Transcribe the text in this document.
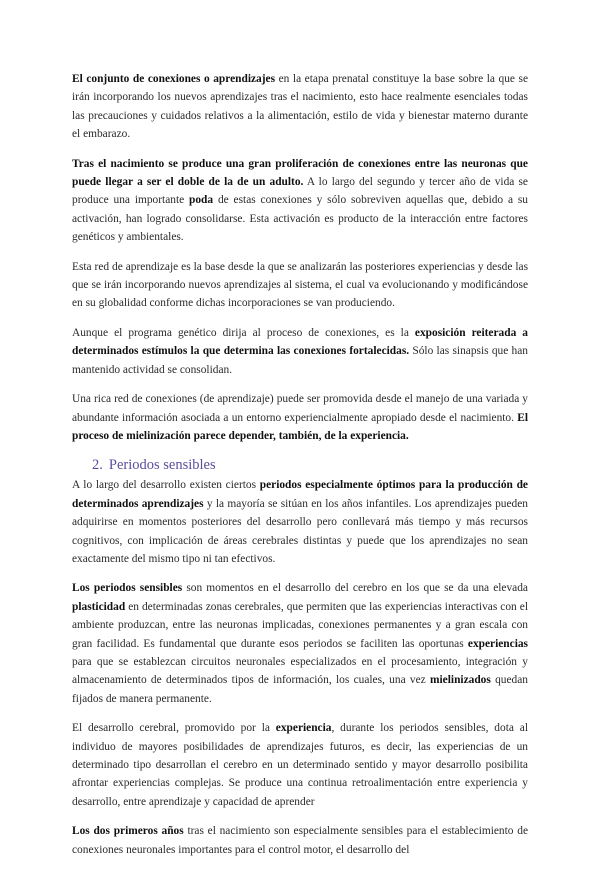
El conjunto de conexiones o aprendizajes en la etapa prenatal constituye la base sobre la que se irán incorporando los nuevos aprendizajes tras el nacimiento, esto hace realmente esenciales todas las precauciones y cuidados relativos a la alimentación, estilo de vida y bienestar materno durante el embarazo.

Tras el nacimiento se produce una gran proliferación de conexiones entre las neuronas que puede llegar a ser el doble de la de un adulto. A lo largo del segundo y tercer año de vida se produce una importante poda de estas conexiones y sólo sobreviven aquellas que, debido a su activación, han logrado consolidarse. Esta activación es producto de la interacción entre factores genéticos y ambientales.

Esta red de aprendizaje es la base desde la que se analizarán las posteriores experiencias y desde las que se irán incorporando nuevos aprendizajes al sistema, el cual va evolucionando y modificándose en su globalidad conforme dichas incorporaciones se van produciendo.

Aunque el programa genético dirija al proceso de conexiones, es la exposición reiterada a determinados estímulos la que determina las conexiones fortalecidas. Sólo las sinapsis que han mantenido actividad se consolidan.

Una rica red de conexiones (de aprendizaje) puede ser promovida desde el manejo de una variada y abundante información asociada a un entorno experiencialmente apropiado desde el nacimiento. El proceso de mielinización parece depender, también, de la experiencia.

2. Periodos sensibles

A lo largo del desarrollo existen ciertos periodos especialmente óptimos para la producción de determinados aprendizajes y la mayoría se sitúan en los años infantiles. Los aprendizajes pueden adquirirse en momentos posteriores del desarrollo pero conllevará más tiempo y más recursos cognitivos, con implicación de áreas cerebrales distintas y puede que los aprendizajes no sean exactamente del mismo tipo ni tan efectivos.

Los periodos sensibles son momentos en el desarrollo del cerebro en los que se da una elevada plasticidad en determinadas zonas cerebrales, que permiten que las experiencias interactivas con el ambiente produzcan, entre las neuronas implicadas, conexiones permanentes y a gran escala con gran facilidad. Es fundamental que durante esos periodos se faciliten las oportunas experiencias para que se establezcan circuitos neuronales especializados en el procesamiento, integración y almacenamiento de determinados tipos de información, los cuales, una vez mielinizados quedan fijados de manera permanente.

El desarrollo cerebral, promovido por la experiencia, durante los periodos sensibles, dota al individuo de mayores posibilidades de aprendizajes futuros, es decir, las experiencias de un determinado tipo desarrollan el cerebro en un determinado sentido y mayor desarrollo posibilita afrontar experiencias complejas. Se produce una continua retroalimentación entre experiencia y desarrollo, entre aprendizaje y capacidad de aprender

Los dos primeros años tras el nacimiento son especialmente sensibles para el establecimiento de conexiones neuronales importantes para el control motor, el desarrollo del
